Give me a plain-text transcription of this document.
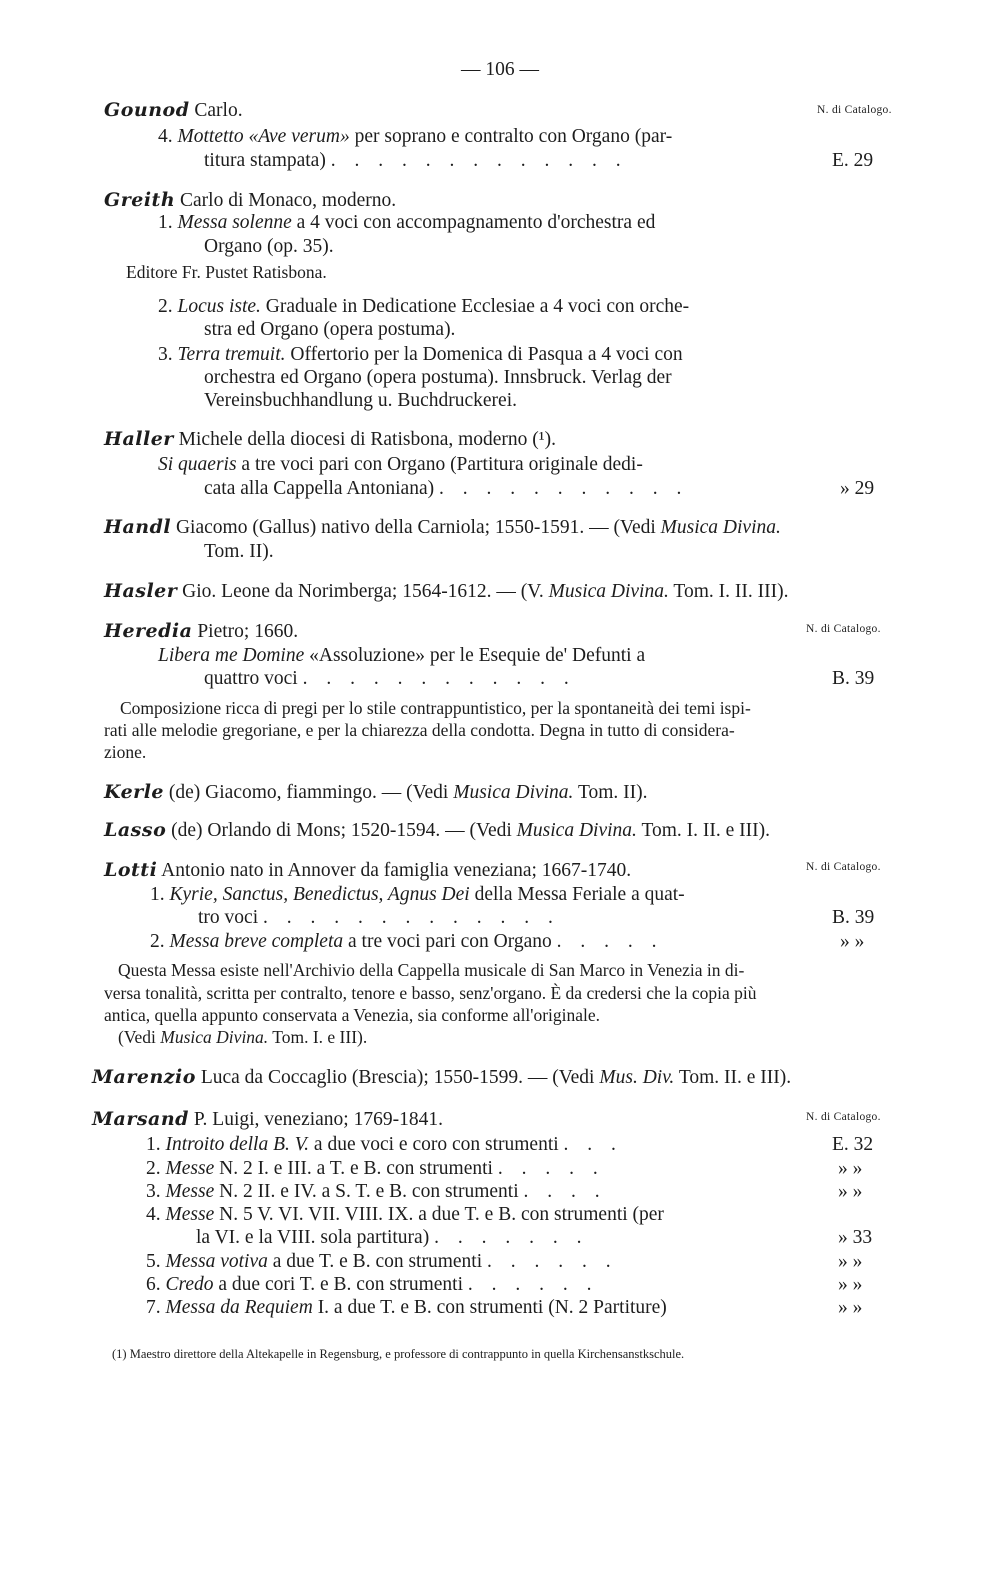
— 106 —
Gounod Carlo.	N. di Catalogo.
4. Mottetto «Ave verum» per soprano e contralto con Organo (par-
titura stampata) . . . . . . . . . . . . .	E. 29
Greith Carlo di Monaco, moderno.
1. Messa solenne a 4 voci con accompagnamento d'orchestra ed
Organo (op. 35).
Editore Fr. Pustet Ratisbona.
2. Locus iste. Graduale in Dedicatione Ecclesiae a 4 voci con orche-
stra ed Organo (opera postuma).
3. Terra tremuit. Offertorio per la Domenica di Pasqua a 4 voci con
orchestra ed Organo (opera postuma). Innsbruck. Verlag der
Vereinsbuchhandlung u. Buchdruckerei.
Haller Michele della diocesi di Ratisbona, moderno (¹).
Si quaeris a tre voci pari con Organo (Partitura originale dedi-
cata alla Cappella Antoniana) . . . . . . . . . . .	» 29
Handl Giacomo (Gallus) nativo della Carniola; 1550-1591. — (Vedi Musica Divina.
Tom. II).
Hasler Gio. Leone da Norimberga; 1564-1612. — (V. Musica Divina. Tom. I. II. III).
Heredia Pietro; 1660.	N. di Catalogo.
Libera me Domine «Assoluzione» per le Esequie de' Defunti a
quattro voci . . . . . . . . . . . .	B. 39
Composizione ricca di pregi per lo stile contrappuntistico, per la spontaneità dei temi ispi-
rati alle melodie gregoriane, e per la chiarezza della condotta. Degna in tutto di considera-
zione.
Kerle (de) Giacomo, fiammingo. — (Vedi Musica Divina. Tom. II).
Lasso (de) Orlando di Mons; 1520-1594. — (Vedi Musica Divina. Tom. I. II. e III).
Lotti Antonio nato in Annover da famiglia veneziana; 1667-1740.	N. di Catalogo.
1. Kyrie, Sanctus, Benedictus, Agnus Dei della Messa Feriale a quat-
tro voci . . . . . . . . . . . . .	B. 39
2. Messa breve completa a tre voci pari con Organo . . . . .	» »
Questa Messa esiste nell'Archivio della Cappella musicale di San Marco in Venezia in di-
versa tonalità, scritta per contralto, tenore e basso, senz'organo. È da credersi che la copia più
antica, quella appunto conservata a Venezia, sia conforme all'originale.
(Vedi Musica Divina. Tom. I. e III).
Marenzio Luca da Coccaglio (Brescia); 1550-1599. — (Vedi Mus. Div. Tom. II. e III).
Marsand P. Luigi, veneziano; 1769-1841.	N. di Catalogo.
1. Introito della B. V. a due voci e coro con strumenti . . .	E. 32
2. Messe N. 2 I. e III. a T. e B. con strumenti . . . . .	» »
3. Messe N. 2 II. e IV. a S. T. e B. con strumenti . . . .	» »
4. Messe N. 5 V. VI. VII. VIII. IX. a due T. e B. con strumenti (per
la VI. e la VIII. sola partitura) . . . . . . .	» 33
5. Messa votiva a due T. e B. con strumenti . . . . . .	» »
6. Credo a due cori T. e B. con strumenti . . . . . .	» »
7. Messa da Requiem I. a due T. e B. con strumenti (N. 2 Partiture)	» »
(1) Maestro direttore della Altekapelle in Regensburg, e professore di contrappunto in quella Kirchensanstkschule.
